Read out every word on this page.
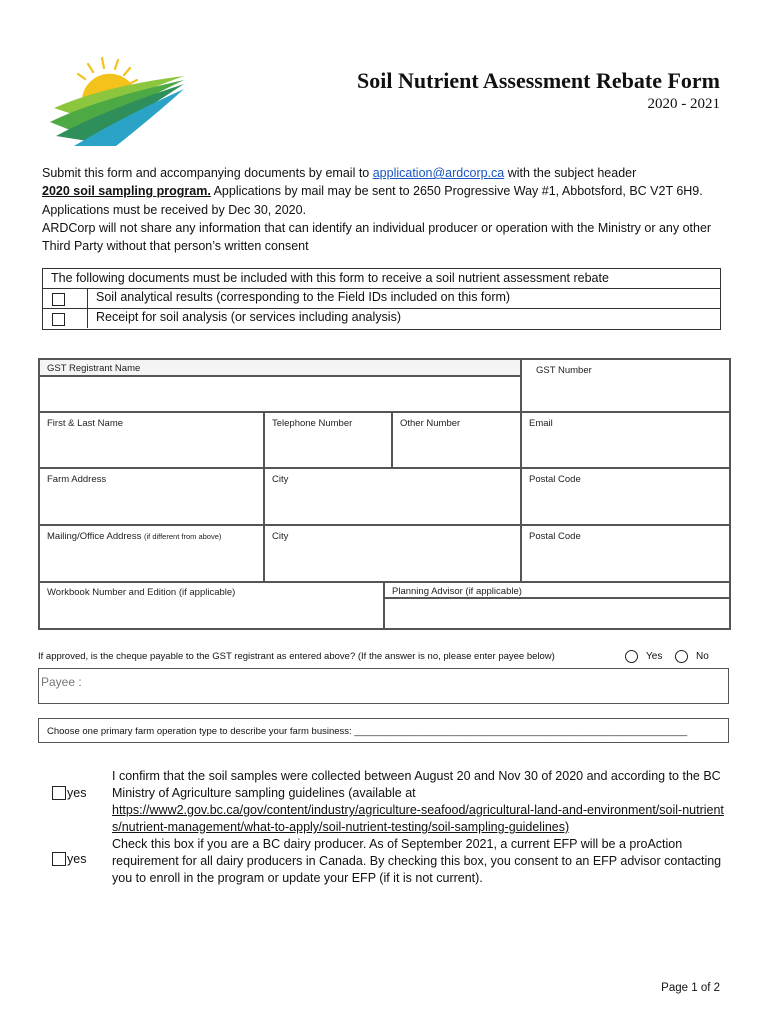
Soil Nutrient Assessment Rebate Form
2020 - 2021

Submit this form and accompanying documents by email to application@ardcorp.ca with the subject header

2020 soil sampling program. Applications by mail may be sent to 2650 Progressive Way #1, Abbotsford, BC V2T 6H9.

Applications must be received by Dec 30, 2020.

ARDCorp will not share any information that can identify an individual producer or operation with the Ministry or any other Third Party without that person’s written consent

The following documents must be included with this form to receive a soil nutrient assessment rebate
Soil analytical results (corresponding to the Field IDs included on this form)
Receipt for soil analysis (or services including analysis)
GST Registrant Name	GST Number
First & Last Name	Telephone Number	Other Number	Email
Farm Address	City	Postal Code
Mailing/Office Address (if different from above)	City	Postal Code
Workbook Number and Edition (if applicable)	Planning Advisor (if applicable)
If approved, is the cheque payable to the GST registrant as entered above? (If the answer is no, please enter payee below)	Yes	No
Payee :
Choose one primary farm operation type to describe your farm business: _______________________________________________________________
yes
yes

I confirm that the soil samples were collected between August 20 and Nov 30 of 2020 and according to the BC Ministry of Agriculture sampling guidelines (available at

https://www2.gov.bc.ca/gov/content/industry/agriculture-seafood/agricultural-land-and-environment/soil-nutrients/nutrient-management/what-to-apply/soil-nutrient-testing/soil-sampling-guidelines)

Check this box if you are a BC dairy producer. As of September 2021, a current EFP will be a proAction requirement for all dairy producers in Canada. By checking this box, you consent to an EFP advisor contacting you to enroll in the program or update your EFP (if it is not current).

Page 1 of 2
